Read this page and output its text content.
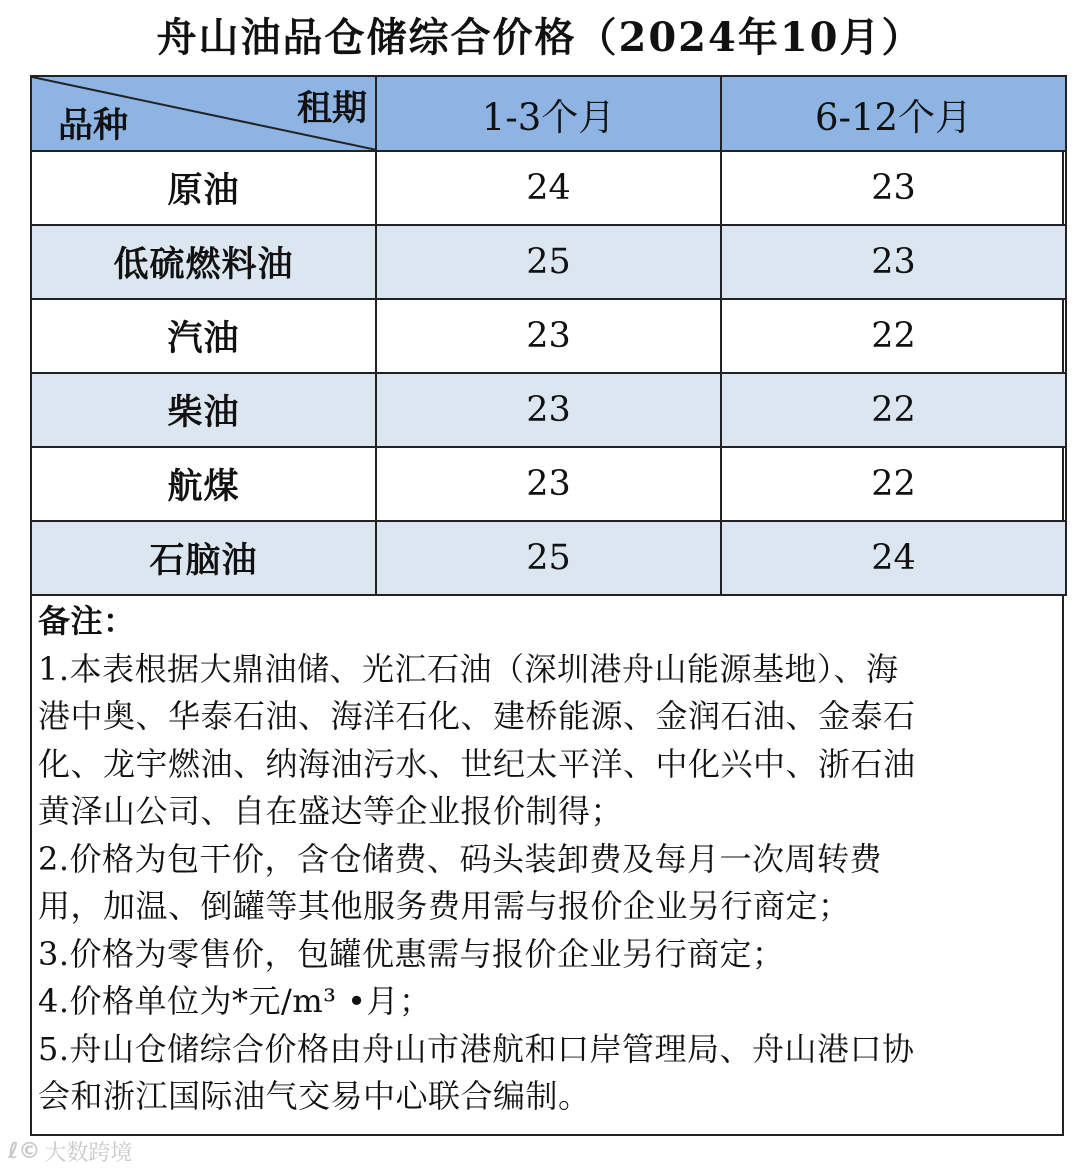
舟山油品仓储综合价格（2024年10月）
租期
品种	1-3个月	6-12个月
原油	24	23
低硫燃料油	25	23
汽油	23	22
柴油	23	22
航煤	23	22
石脑油	25	24
备注：
1.本表根据大鼎油储、光汇石油（深圳港舟山能源基地）、海
港中奥、华泰石油、海洋石化、建桥能源、金润石油、金泰石
化、龙宇燃油、纳海油污水、世纪太平洋、中化兴中、浙石油
黄泽山公司、自在盛达等企业报价制得；
2.价格为包干价，含仓储费、码头装卸费及每月一次周转费
用，加温、倒罐等其他服务费用需与报价企业另行商定；
3.价格为零售价，包罐优惠需与报价企业另行商定；
4.价格单位为*元/m³ •月；
5.舟山仓储综合价格由舟山市港航和口岸管理局、舟山港口协
会和浙江国际油气交易中心联合编制。
ℓ© 大数跨境
